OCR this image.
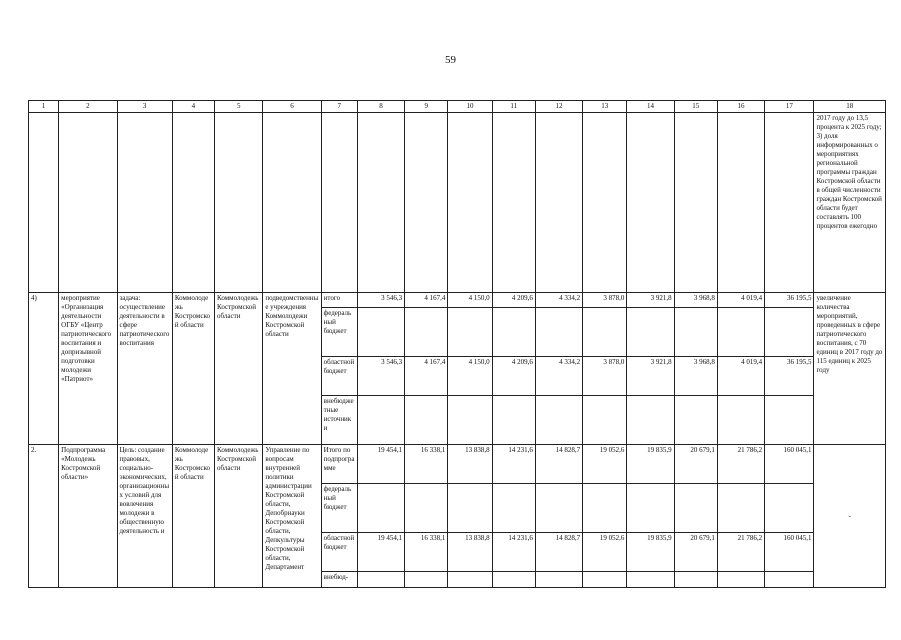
59
1	2	3	4	5	6	7	8	9	10	11	12	13	14	15	16	17	18
																	2017 году до 13,5 процента к 2025 году; 3) доля информированных о мероприятиях региональной программы граждан Костромской области в общей численности граждан Костромской области будет составлять 100 процентов ежегодно
4)	мероприятие «Организация деятельности ОГБУ «Центр патриотического воспитания и допризывной подготовки молодежи «Патриот»	задача: осуществление деятельности в сфере патриотического воспитания	Коммолодежь Костромской области	Коммолодежь Костромской области	подведомственные учреждения Коммолодежи Костромской области	итого	3 546,3	4 167,4	4 150,0	4 209,6	4 334,2	3 878,0	3 921,8	3 968,8	4 019,4	36 195,5	увеличение количества мероприятий, проведенных в сфере патриотического воспитания, с 70 единиц в 2017 году до 115 единиц к 2025 году
						федеральный бюджет											
						областной бюджет	3 546,3	4 167,4	4 150,0	4 209,6	4 334,2	3 878,0	3 921,8	3 968,8	4 019,4	36 195,5	
						внебюджетные источники											
2.	Подпрограмма «Молодежь Костромской области»	Цель: создание правовых, социально-экономических, организационных условий для вовлечения молодежи в общественную деятельность и	Коммолодежь Костромской области	Коммолодежь Костромской области	Управление по вопросам внутренней политики администрации Костромской области, Депобрнауки Костромской области, Депкультуры Костромской области, Департамент	Итого по подпрограмме	19 454,1	16 338,1	13 838,8	14 231,6	14 828,7	19 052,6	19 835,9	20 679,1	21 786,2	160 045,1	-
						федеральный бюджет											
						областной бюджет	19 454,1	16 338,1	13 838,8	14 231,6	14 828,7	19 052,6	19 835,9	20 679,1	21 786,2	160 045,1	
						внебюд-											
